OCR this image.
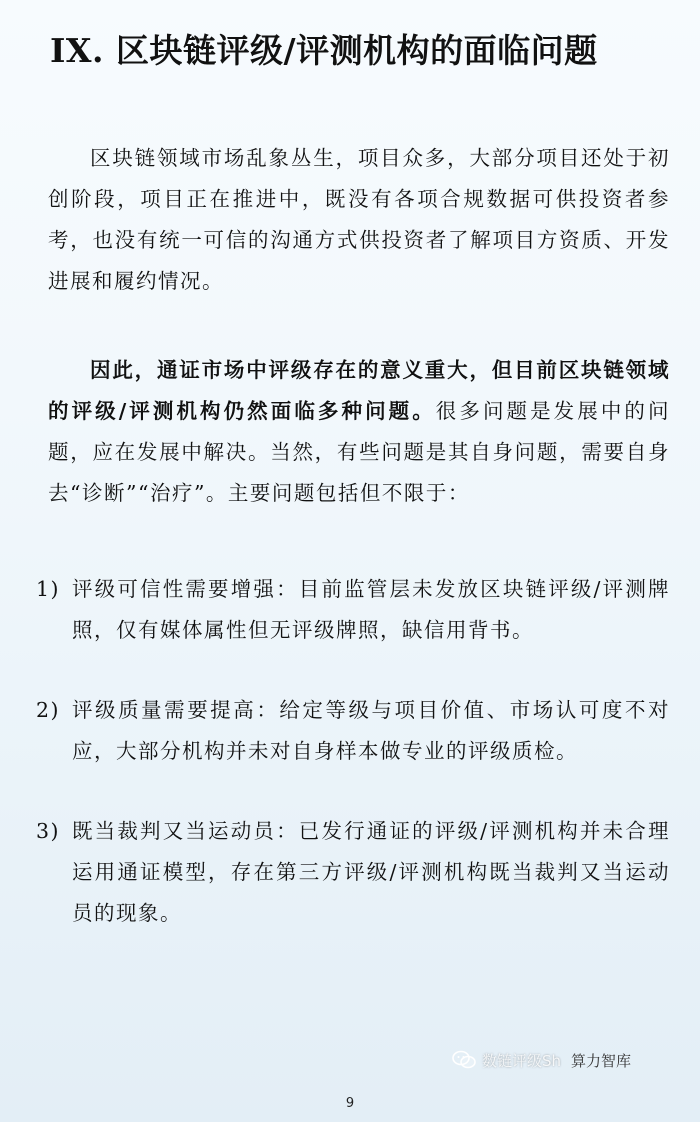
IX. 区块链评级/评测机构的面临问题
区块链领域市场乱象丛生，项目众多，大部分项目还处于初创阶段，项目正在推进中，既没有各项合规数据可供投资者参考，也没有统一可信的沟通方式供投资者了解项目方资质、开发进展和履约情况。
因此，通证市场中评级存在的意义重大，但目前区块链领域的评级/评测机构仍然面临多种问题。很多问题是发展中的问题，应在发展中解决。当然，有些问题是其自身问题，需要自身去“诊断”“治疗”。主要问题包括但不限于：
1) 评级可信性需要增强：目前监管层未发放区块链评级/评测牌照，仅有媒体属性但无评级牌照，缺信用背书。
2) 评级质量需要提高：给定等级与项目价值、市场认可度不对应，大部分机构并未对自身样本做专业的评级质检。
3) 既当裁判又当运动员：已发行通证的评级/评测机构并未合理运用通证模型，存在第三方评级/评测机构既当裁判又当运动员的现象。
数链评级Sh 算力智库
9
